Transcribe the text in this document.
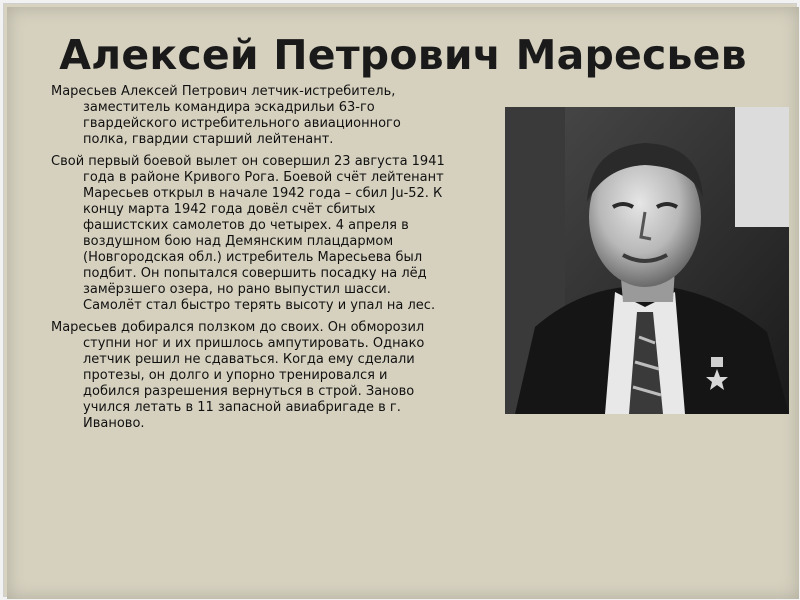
Алексей Петрович Маресьев

Маресьев Алексей Петрович летчик-истребитель, заместитель командира эскадрильи 63-го гвардейского истребительного авиационного полка, гвардии старший лейтенант.

Свой первый боевой вылет он совершил 23 августа 1941 года в районе Кривого Рога. Боевой счёт лейтенант Маресьев открыл в начале 1942 года – сбил Ju-52. К концу марта 1942 года довёл счёт сбитых фашистских самолетов до четырех. 4 апреля в воздушном бою над Демянским плацдармом (Новгородская обл.) истребитель Маресьева был подбит. Он попытался совершить посадку на лёд замёрзшего озера, но рано выпустил шасси. Самолёт стал быстро терять высоту и упал на лес.

Маресьев добирался ползком до своих. Он обморозил ступни ног и их пришлось ампутировать. Однако летчик решил не сдаваться. Когда ему сделали протезы, он долго и упорно тренировался и добился разрешения вернуться в строй. Заново учился летать в 11 запасной авиабригаде в г. Иваново.
